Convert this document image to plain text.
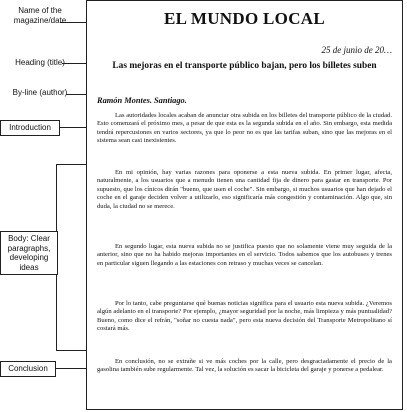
Name of the magazine/date
Heading (title)
By-line (author)
Introduction
Body: Clear paragraphs, developing ideas
Conclusion
EL MUNDO LOCAL
25 de junio de 20…
Las mejoras en el transporte público bajan, pero los billetes suben
Ramón Montes. Santiago.
Las autoridades locales acaban de anunciar otra subida en los billetes del transporte público de la ciudad. Esto comenzará el próximo mes, a pesar de que esta es la segunda subida en el año. Sin embargo, esta medida tendrá repercusiones en varios sectores, ya que lo peor no es que las tarifas suban, sino que las mejoras en el sistema sean casi inexistentes.
En mi opinión, hay varias razones para oponerse a esta nueva subida. En primer lugar, afecta, naturalmente, a los usuarios que a menudo tienen una cantidad fija de dinero para gastar en transporte. Por supuesto, que los cínicos dirán "bueno, que usen el coche". Sin embargo, si muchos usuarios que han dejado el coche en el garaje deciden volver a utilizarlo, eso significaría más congestión y contaminación. Algo que, sin duda, la ciudad no se merece.
En segundo lugar, esta nueva subida no se justifica puesto que no solamente viene muy seguida de la anterior, sino que no ha habido mejoras importantes en el servicio. Todos sabemos que los autobuses y trenes en particular siguen llegando a las estaciones con retraso y muchas veces se cancelan.
Por lo tanto, cabe preguntarse qué buenas noticias significa para el usuario esta nueva subida. ¿Veremos algún adelanto en el transporte? Por ejemplo, ¿mayor seguridad por la noche, más limpieza y más puntualidad? Bueno, como dice el refrán, "soñar no cuesta nada", pero esta nueva decisión del Transporte Metropolitano sí costará más.
En conclusión, no se extrañe si ve más coches por la calle, pero desgraciadamente el precio de la gasolina también sube regularmente. Tal vez, la solución es sacar la bicicleta del garaje y ponerse a pedalear.
